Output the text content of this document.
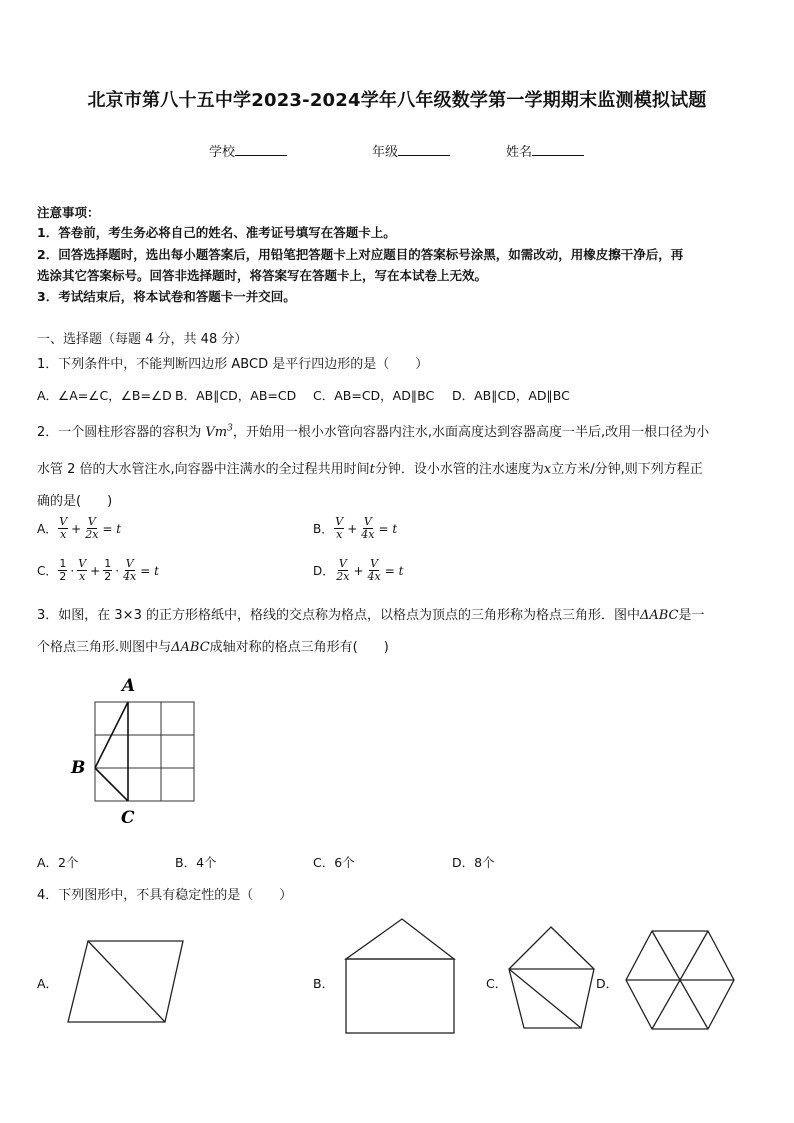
北京市第八十五中学2023-2024学年八年级数学第一学期期末监测模拟试题
学校	年级	姓名
注意事项：
1．答卷前，考生务必将自己的姓名、准考证号填写在答题卡上。
2．回答选择题时，选出每小题答案后，用铅笔把答题卡上对应题目的答案标号涂黑，如需改动，用橡皮擦干净后，再
选涂其它答案标号。回答非选择题时，将答案写在答题卡上，写在本试卷上无效。
3．考试结束后，将本试卷和答题卡一并交回。
一、选择题（每题 4 分，共 48 分）
1．下列条件中，不能判断四边形 ABCD 是平行四边形的是（　　）
A．∠A=∠C，∠B=∠D B．AB∥CD，AB=CD C．AB=CD，AD∥BC D．AB∥CD，AD∥BC
2．一个圆柱形容器的容积为 Vm$^3$，开始用一根小水管向容器内注水,水面高度达到容器高度一半后,改用一根口径为小
水管 2 倍的大水管注水,向容器中注满水的全过程共用时间t分钟．设小水管的注水速度为x立方米/分钟,则下列方程正
确的是(　　)
A． $\frac{V}{x} + \frac{V}{2x} = t$	B． $\frac{V}{x} + \frac{V}{4x} = t$
C． $\frac{1}{2} \cdot \frac{V}{x} + \frac{1}{2} \cdot \frac{V}{4x} = t$	D． $\frac{V}{2x} + \frac{V}{4x} = t$
3．如图，在 3×3 的正方形格纸中，格线的交点称为格点，以格点为顶点的三角形称为格点三角形．图中ΔABC是一
个格点三角形.则图中与ΔABC成轴对称的格点三角形有(　　)
A
B
C
A．2个	B．4个	C．6个	D．8个
4．下列图形中，不具有稳定性的是（　　）
A．	B．	C．	D．
